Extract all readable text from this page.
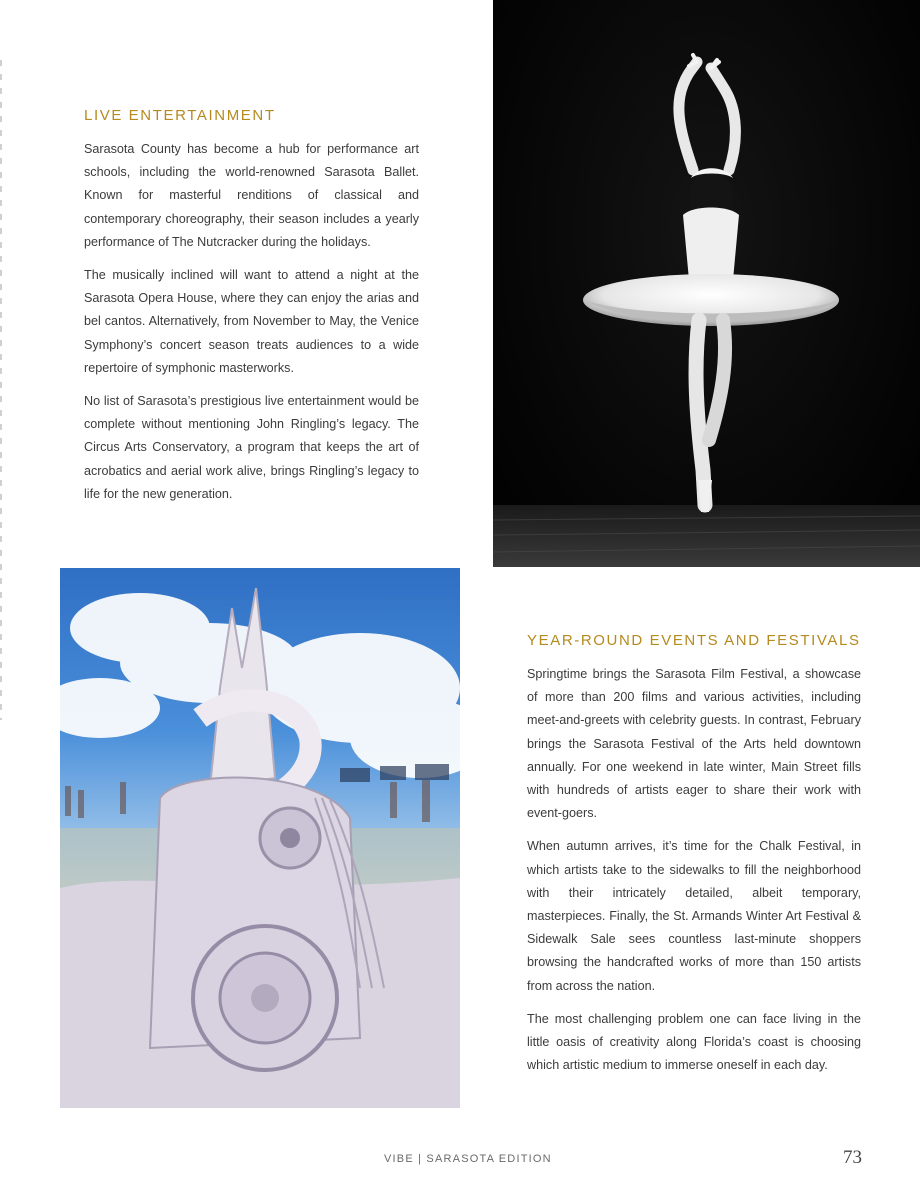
LIVE ENTERTAINMENT

Sarasota County has become a hub for performance art schools, including the world-renowned Sarasota Ballet. Known for masterful renditions of classical and contemporary choreography, their season includes a yearly performance of The Nutcracker during the holidays.

The musically inclined will want to attend a night at the Sarasota Opera House, where they can enjoy the arias and bel cantos. Alternatively, from November to May, the Venice Symphony’s concert season treats audiences to a wide repertoire of symphonic masterworks.

No list of Sarasota’s prestigious live entertainment would be complete without mentioning John Ringling’s legacy. The Circus Arts Conservatory, a program that keeps the art of acrobatics and aerial work alive, brings Ringling’s legacy to life for the new generation.

YEAR-ROUND EVENTS AND FESTIVALS

Springtime brings the Sarasota Film Festival, a showcase of more than 200 films and various activities, including meet-and-greets with celebrity guests. In contrast, February brings the Sarasota Festival of the Arts held downtown annually. For one weekend in late winter, Main Street fills with hundreds of artists eager to share their work with event-goers.

When autumn arrives, it’s time for the Chalk Festival, in which artists take to the sidewalks to fill the neighborhood with their intricately detailed, albeit temporary, masterpieces. Finally, the St. Armands Winter Art Festival & Sidewalk Sale sees countless last-minute shoppers browsing the handcrafted works of more than 150 artists from across the nation.

The most challenging problem one can face living in the little oasis of creativity along Florida’s coast is choosing which artistic medium to immerse oneself in each day.

VIBE | SARASOTA EDITION	73
